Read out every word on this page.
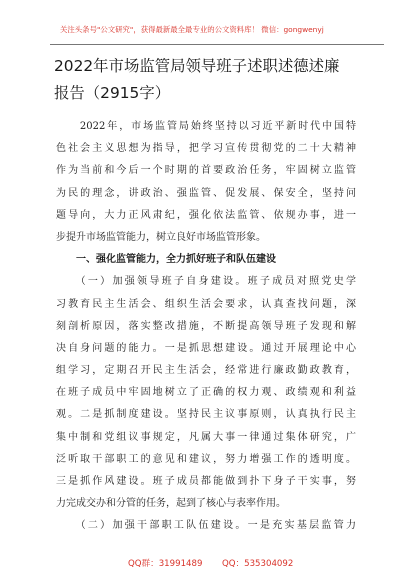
关注头条号"公文研究"，获得最新最全最专业的公文资料库！ 微信：gongwenyj
2022年市场监管局领导班子述职述德述廉
报告（2915字）
　　2022年，市场监管局始终坚持以习近平新时代中国特
色社会主义思想为指导，把学习宣传贯彻党的二十大精神
作为当前和今后一个时期的首要政治任务，牢固树立监管
为民的理念，讲政治、强监管、促发展、保安全，坚持问
题导向，大力正风肃纪，强化依法监管、依规办事，进一
步提升市场监管能力，树立良好市场监管形象。
　　一、强化监管能力，全力抓好班子和队伍建设
　　（一）加强领导班子自身建设。班子成员对照党史学
习教育民主生活会、组织生活会要求，认真查找问题，深
刻剖析原因，落实整改措施，不断提高领导班子发现和解
决自身问题的能力。一是抓思想建设。通过开展理论中心
组学习，定期召开民主生活会，经常进行廉政勤政教育，
在班子成员中牢固地树立了正确的权力观、政绩观和利益
观。二是抓制度建设。坚持民主议事原则，认真执行民主
集中制和党组议事规定，凡属大事一律通过集体研究，广
泛听取干部职工的意见和建议，努力增强工作的透明度。
三是抓作风建设。班子成员都能做到扑下身子干实事，努
力完成交办和分管的任务，起到了核心与表率作用。
　　（二）加强干部职工队伍建设。一是充实基层监管力
QQ群：31991489 QQ：535304092
